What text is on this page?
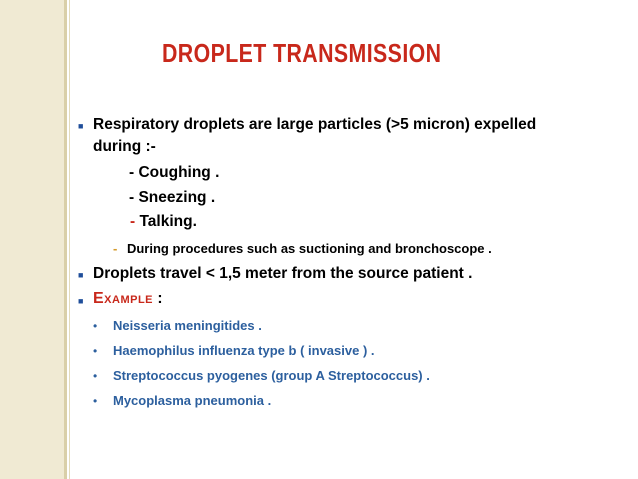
DROPLET TRANSMISSION
■ Respiratory droplets are large particles (>5 micron) expelled
during :-
- Coughing .
- Sneezing .
- Talking.
- During procedures such as suctioning and bronchoscope .
■ Droplets travel < 1,5 meter from the source patient .
■ Example :
• Neisseria meningitides .
• Haemophilus influenza type b ( invasive ) .
• Streptococcus pyogenes (group A Streptococcus) .
• Mycoplasma pneumonia .
